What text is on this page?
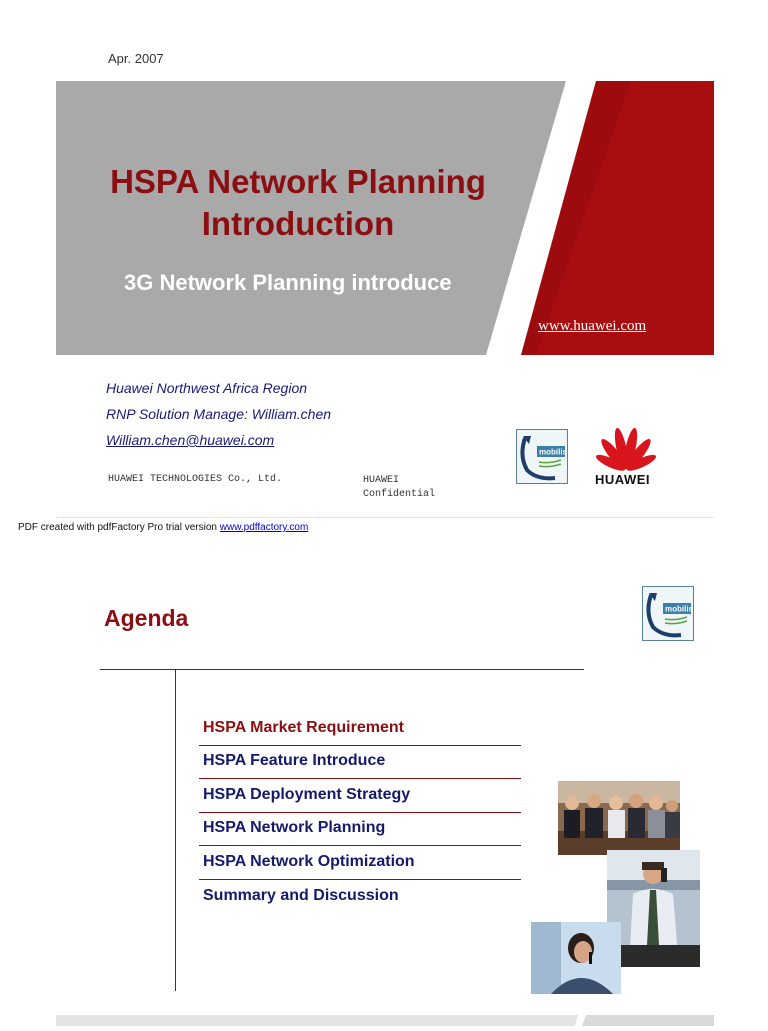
Apr. 2007
HSPA Network Planning
Introduction
3G Network Planning introduce
www.huawei.com
Huawei Northwest Africa Region
RNP Solution Manage: William.chen
William.chen@huawei.com
HUAWEI TECHNOLOGIES Co., Ltd.	HUAWEI Confidential
mobilis
HUAWEI
PDF created with pdfFactory Pro trial version www.pdffactory.com
Agenda	mobilis
HSPA Market Requirement
HSPA Feature Introduce
HSPA Deployment Strategy
HSPA Network Planning
HSPA Network Optimization
Summary and Discussion
